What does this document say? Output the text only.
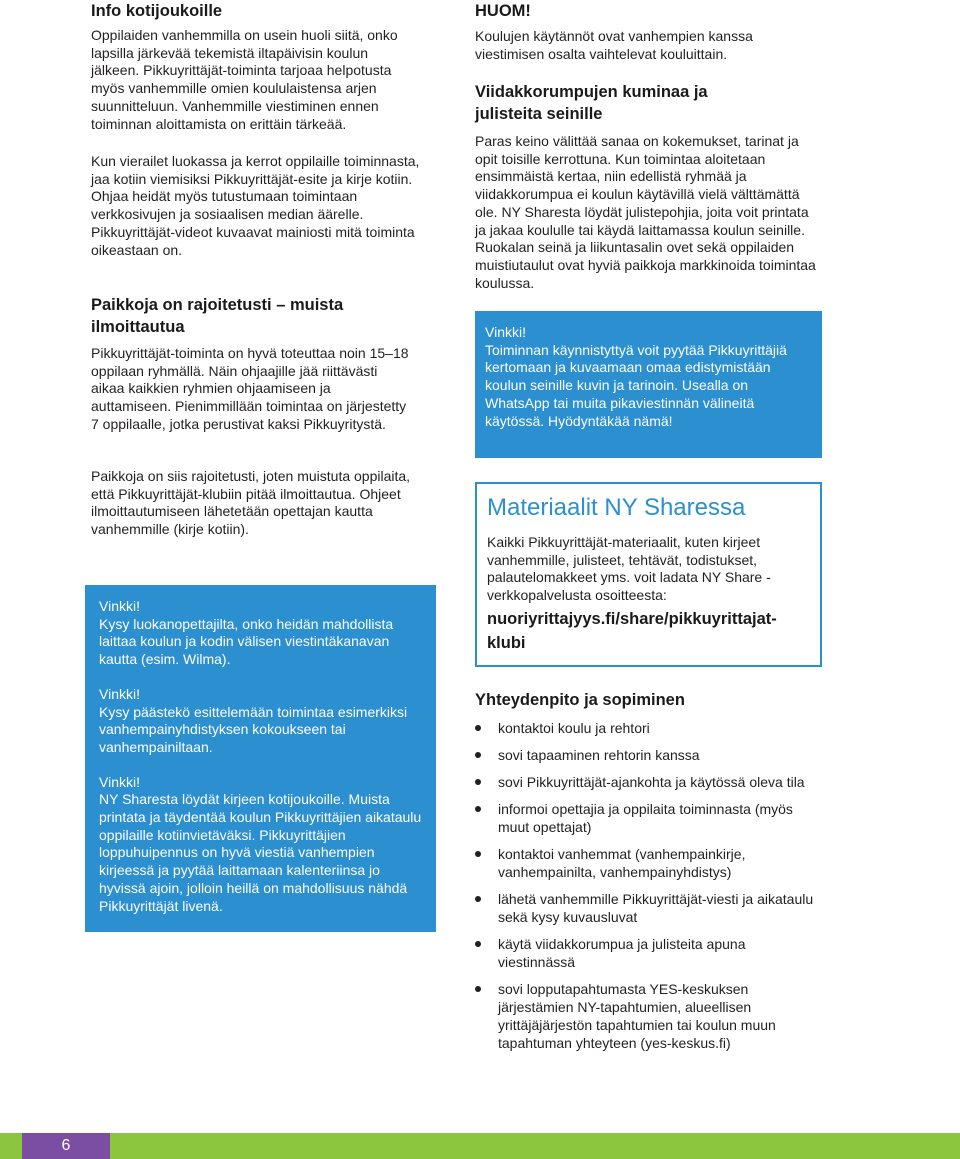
Info kotijoukoille

Oppilaiden vanhemmilla on usein huoli siitä, onko lapsilla järkevää tekemistä iltapäivisin koulun jälkeen. Pikkuyrittäjät-toiminta tarjoaa helpotusta myös vanhemmille omien koululaistensa arjen suunnitteluun. Vanhemmille viestiminen ennen toiminnan aloittamista on erittäin tärkeää.

Kun vierailet luokassa ja kerrot oppilaille toiminnasta, jaa kotiin viemisiksi Pikkuyrittäjät-esite ja kirje kotiin. Ohjaa heidät myös tutustumaan toimintaan verkkosivujen ja sosiaalisen median äärelle. Pikkuyrittäjät-videot kuvaavat mainiosti mitä toiminta oikeastaan on.

Paikkoja on rajoitetusti – muista ilmoittautua

Pikkuyrittäjät-toiminta on hyvä toteuttaa noin 15–18 oppilaan ryhmällä. Näin ohjaajille jää riittävästi aikaa kaikkien ryhmien ohjaamiseen ja auttamiseen. Pienimmillään toimintaa on järjestetty 7 oppilaalle, jotka perustivat kaksi Pikkuyritystä.

Paikkoja on siis rajoitetusti, joten muistuta oppilaita, että Pikkuyrittäjät-klubiin pitää ilmoittautua. Ohjeet ilmoittautumiseen lähetetään opettajan kautta vanhemmille (kirje kotiin).

Vinkki!

Kysy luokanopettajilta, onko heidän mahdollista laittaa koulun ja kodin välisen viestintäkanavan kautta (esim. Wilma).

Vinkki!

Kysy päästekö esittelemään toimintaa esimerkiksi vanhempainyhdistyksen kokoukseen tai vanhempainiltaan.

Vinkki!

NY Sharesta löydät kirjeen kotijoukoille. Muista printata ja täydentää koulun Pikkuyrittäjien aikataulu oppilaille kotiinvietäväksi. Pikkuyrittäjien loppuhuipennus on hyvä viestiä vanhempien kirjeessä ja pyytää laittamaan kalenteriinsa jo hyvissä ajoin, jolloin heillä on mahdollisuus nähdä Pikkuyrittäjät livenä.

HUOM!

Koulujen käytännöt ovat vanhempien kanssa viestimisen osalta vaihtelevat kouluittain.

Viidakkorumpujen kuminaa ja julisteita seinille

Paras keino välittää sanaa on kokemukset, tarinat ja opit toisille kerrottuna. Kun toimintaa aloitetaan ensimmäistä kertaa, niin edellistä ryhmää ja viidakkorumpua ei koulun käytävillä vielä välttämättä ole. NY Sharesta löydät julistepohjia, joita voit printata ja jakaa koululle tai käydä laittamassa koulun seinille. Ruokalan seinä ja liikuntasalin ovet sekä oppilaiden muistiutaulut ovat hyviä paikkoja markkinoida toimintaa koulussa.

Vinkki!

Toiminnan käynnistyttyä voit pyytää Pikkuyrittäjiä kertomaan ja kuvaamaan omaa edistymistään koulun seinille kuvin ja tarinoin. Usealla on WhatsApp tai muita pikaviestinnän välineitä käytössä. Hyödyntäkää nämä!

Materiaalit NY Sharessa

Kaikki Pikkuyrittäjät-materiaalit, kuten kirjeet vanhemmille, julisteet, tehtävät, todistukset, palautelomakkeet yms. voit ladata NY Share -verkkopalvelusta osoitteesta:

nuoriyrittajyys.fi/share/pikkuyrittajat-klubi

Yhteydenpito ja sopiminen
kontaktoi koulu ja rehtori
sovi tapaaminen rehtorin kanssa
sovi Pikkuyrittäjät-ajankohta ja käytössä oleva tila
informoi opettajia ja oppilaita toiminnasta (myös muut opettajat)
kontaktoi vanhemmat (vanhempainkirje, vanhempainilta, vanhempainyhdistys)
lähetä vanhemmille Pikkuyrittäjät-viesti ja aikataulu sekä kysy kuvausluvat
käytä viidakkorumpua ja julisteita apuna viestinnässä
sovi lopputapahtumasta YES-keskuksen järjestämien NY-tapahtumien, alueellisen yrittäjäjärjestön tapahtumien tai koulun muun tapahtuman yhteyteen (yes-keskus.fi)
6
